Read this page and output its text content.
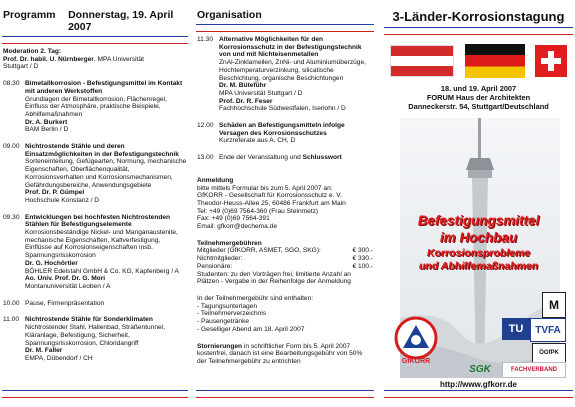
Programm	Donnerstag, 19. April 2007
Moderation 2. Tag:
Prof. Dr. habil. U. Nürnberger, MPA Universität
Stuttgart / D
08.30 Bimetallkorrosion - Befestigungsmittel im Kontakt mit anderen Werkstoffen
Grundlagen der Bimetallkorrosion, Flächenregel, Einfluss der Atmosphäre, praktische Beispiele, Abhilfemaßnahmen
Dr. A. Burkert
BAM Berlin / D
09.00 Nichtrostende Stähle und deren Einsatzmöglichkeiten in der Befestigungstechnik
Sorteneinteilung, Gefügearten, Normung, mechanische Eigenschaften, Oberflächenqualität, Korrosionsverhalten und Korrosionsmechanismen, Gefährdungsbereiche, Anwendungsgebiete
Prof. Dr. P. Gümpel
Hochschule Konstanz / D
09.30 Entwicklungen bei hochfesten Nichtrostenden Stählen für Befestigungselemente
Korrosionsbeständige Nickel- und Manganaustenite, mechanische Eigenschaften, Kaltverfestigung, Einflüsse auf Korrosionseigenschaften insb. Spannungsrisskorrosion
Dr. G. Hochörtler
BÖHLER Edelstahl GmbH & Co. KG, Kapfenberg / A
Ao. Univ. Prof. Dr. G. Mori
Montanuniversität Leoben / A
10.00 Pause, Firmenpräsentation
11.00 Nichtrostende Stähle für Sonderklimaten
Nichtrostender Stahl, Hallenbad, Straßentunnel, Kläranlage, Befestigung, Sicherheit, Spannungsrisskorrosion, Chloridangriff
Dr. M. Faller
EMPA, Dübendorf / CH
Organisation
11.30 Alternative Möglichkeiten für den Korrosionsschutz in der Befestigungstechnik von und mit Nichteisenmetallen
ZnAl-Zinklamellen, ZnNi- und Aluminiumüberzüge, Hochtemperaturverzinkung, silicatische Beschichtung, organische Beschichtungen
Dr. M. Büteführ
MPA Universität Stuttgart / D
Prof. Dr. R. Feser
Fachhochschule Südwestfalen, Iserlohn / D
12.00 Schäden an Befestigungsmitteln infolge Versagen des Korrosionsschutzes
Kurzreferate aus A, CH, D
13.00 Ende der Veranstaltung und Schlusswort
Anmeldung
bitte mittels Formular bis zum 5. April 2007 an:
GfKORR - Gesellschaft für Korrosionsschutz e. V.
Theodor-Heuss-Allee 25, 60486 Frankfurt am Main
Tel: +49 (0)69 7564-360 (Frau Steinmetz)
Fax: +49 (0)69 7564-391
Email: gfkorr@dechema.de
Teilnehmergebühren
Mitglieder (GfKORR, ASMET, SGO, SKG):	€ 300.-
Nichtmitglieder:	€ 330.-
Pensionäre:	€ 100.-
Studenten: zu den Vorträgen frei, limitierte Anzahl an Plätzen - Vergabe in der Reihenfolge der Anmeldung
In der Teilnehmergebühr sind enthalten:
- Tagungsunterlagen
- Teilnehmerverzeichnis
- Pausengetränke
- Geselliger Abend am 18. April 2007
Stornierungen in schriftlicher Form bis 5. April 2007 kostenfrei, danach ist eine Bearbeitungsgebühr von 50% der Teilnehmergebühr zu entrichten
3-Länder-Korrosionstagung
18. und 19. April 2007
FORUM Haus der Architekten
Danneckerstr. 54, Stuttgart/Deutschland
Befestigungsmittel
im Hochbau
Korrosionsprobleme
und Abhilfemaßnahmen
GfKORR
M
TU	TVFA
ÖGfPK
SGK	FACHVERBAND
http://www.gfkorr.de
